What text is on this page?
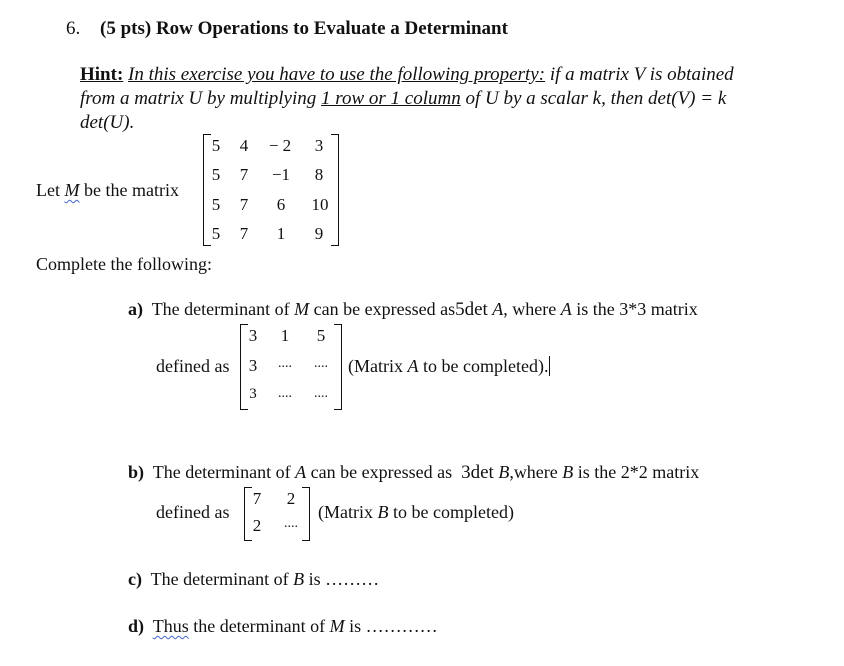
6. (5 pts) Row Operations to Evaluate a Determinant
Hint: In this exercise you have to use the following property: if a matrix V is obtained
from a matrix U by multiplying 1 row or 1 column of U by a scalar k, then det(V) = k
det(U).
Let M be the matrix
5 4	− 2	3
5 7	−1	8
5 7	6	10
5 7	1	9
Complete the following:
a) The determinant of M can be expressed as5det A, where A is the 3*3 matrix
defined as
3 1 5
3	....	....
3	....	....
(Matrix A to be completed).
b) The determinant of A can be expressed as 3det B,where B is the 2*2 matrix
defined as
7 2
2	....
(Matrix B to be completed)
c) The determinant of B is ………
d) Thus the determinant of M is …………
